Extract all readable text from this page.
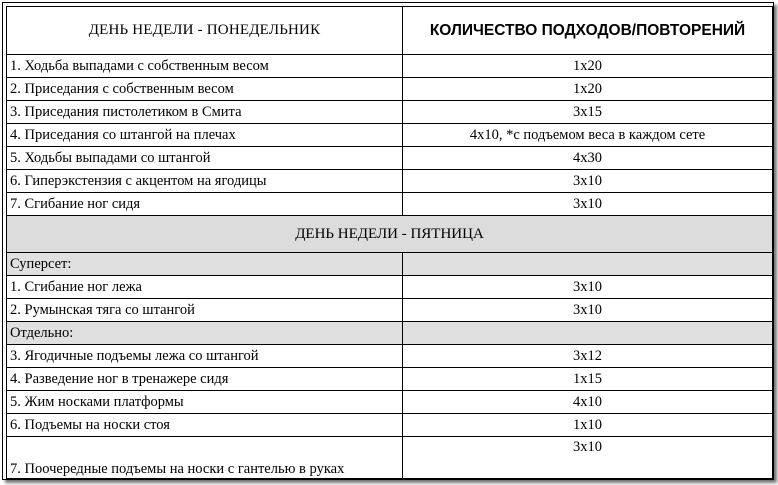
ДЕНЬ НЕДЕЛИ - ПОНЕДЕЛЬНИК	КОЛИЧЕСТВО ПОДХОДОВ/ПОВТОРЕНИЙ
1. Ходьба выпадами с собственным весом	1х20
2. Приседания с собственным весом	1х20
3. Приседания пистолетиком в Смита	3х15
4. Приседания со штангой на плечах	4х10, *с подъемом веса в каждом сете
5. Ходьбы выпадами со штангой	4х30
6. Гиперэкстензия с акцентом на ягодицы	3х10
7. Сгибание ног сидя	3х10
ДЕНЬ НЕДЕЛИ - ПЯТНИЦА	
Суперсет:	
1. Сгибание ног лежа	3х10
2. Румынская тяга со штангой	3х10
Отдельно:	
3. Ягодичные подъемы лежа со штангой	3х12
4. Разведение ног в тренажере сидя	1х15
5. Жим носками платформы	4х10
6. Подъемы на носки стоя	1х10
7. Поочередные подъемы на носки с гантелью в руках	3х10
